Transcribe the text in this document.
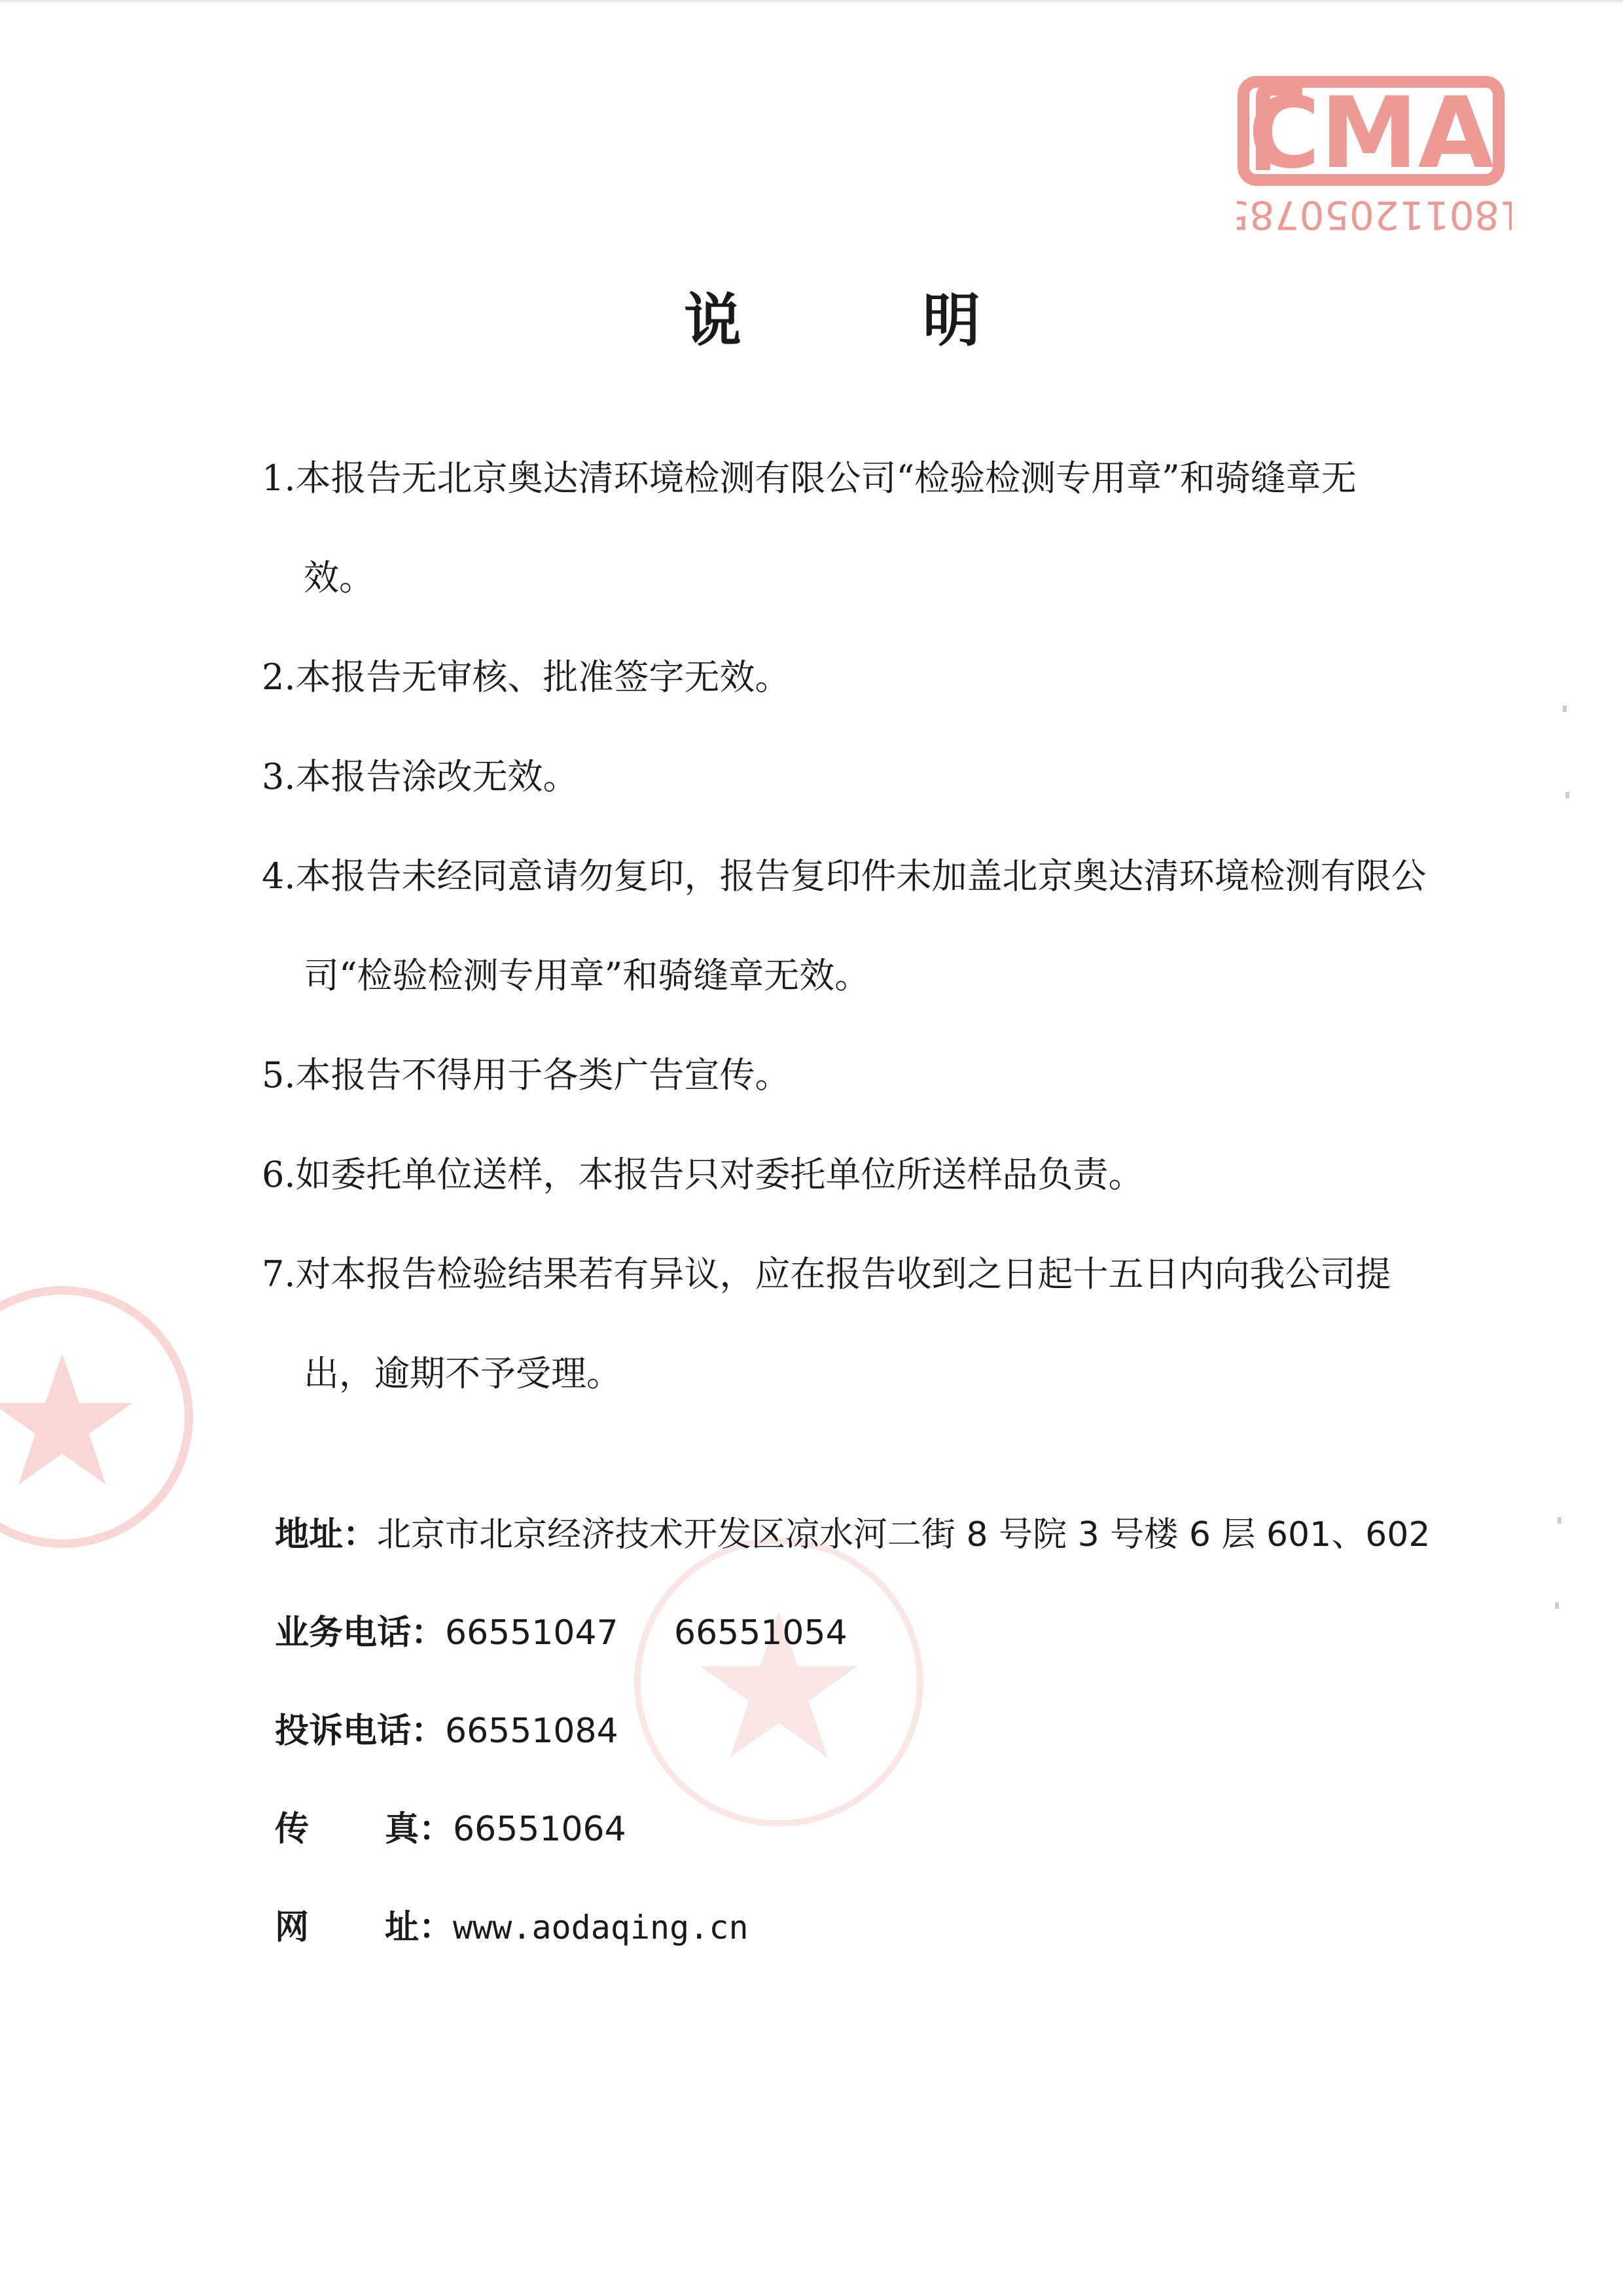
CMA
180112050785
说	明

1.本报告无北京奥达清环境检测有限公司“检验检测专用章”和骑缝章无
效。

2.本报告无审核、批准签字无效。

3.本报告涂改无效。

4.本报告未经同意请勿复印，报告复印件未加盖北京奥达清环境检测有限公
司“检验检测专用章”和骑缝章无效。

5.本报告不得用于各类广告宣传。

6.如委托单位送样，本报告只对委托单位所送样品负责。

7.对本报告检验结果若有异议，应在报告收到之日起十五日内向我公司提
出，逾期不予受理。

地址：北京市北京经济技术开发区凉水河二街 8 号院 3 号楼 6 层 601、602
业务电话：66551047 66551054
投诉电话：66551084
传真：66551064
网址：www.aodaqing.cn
